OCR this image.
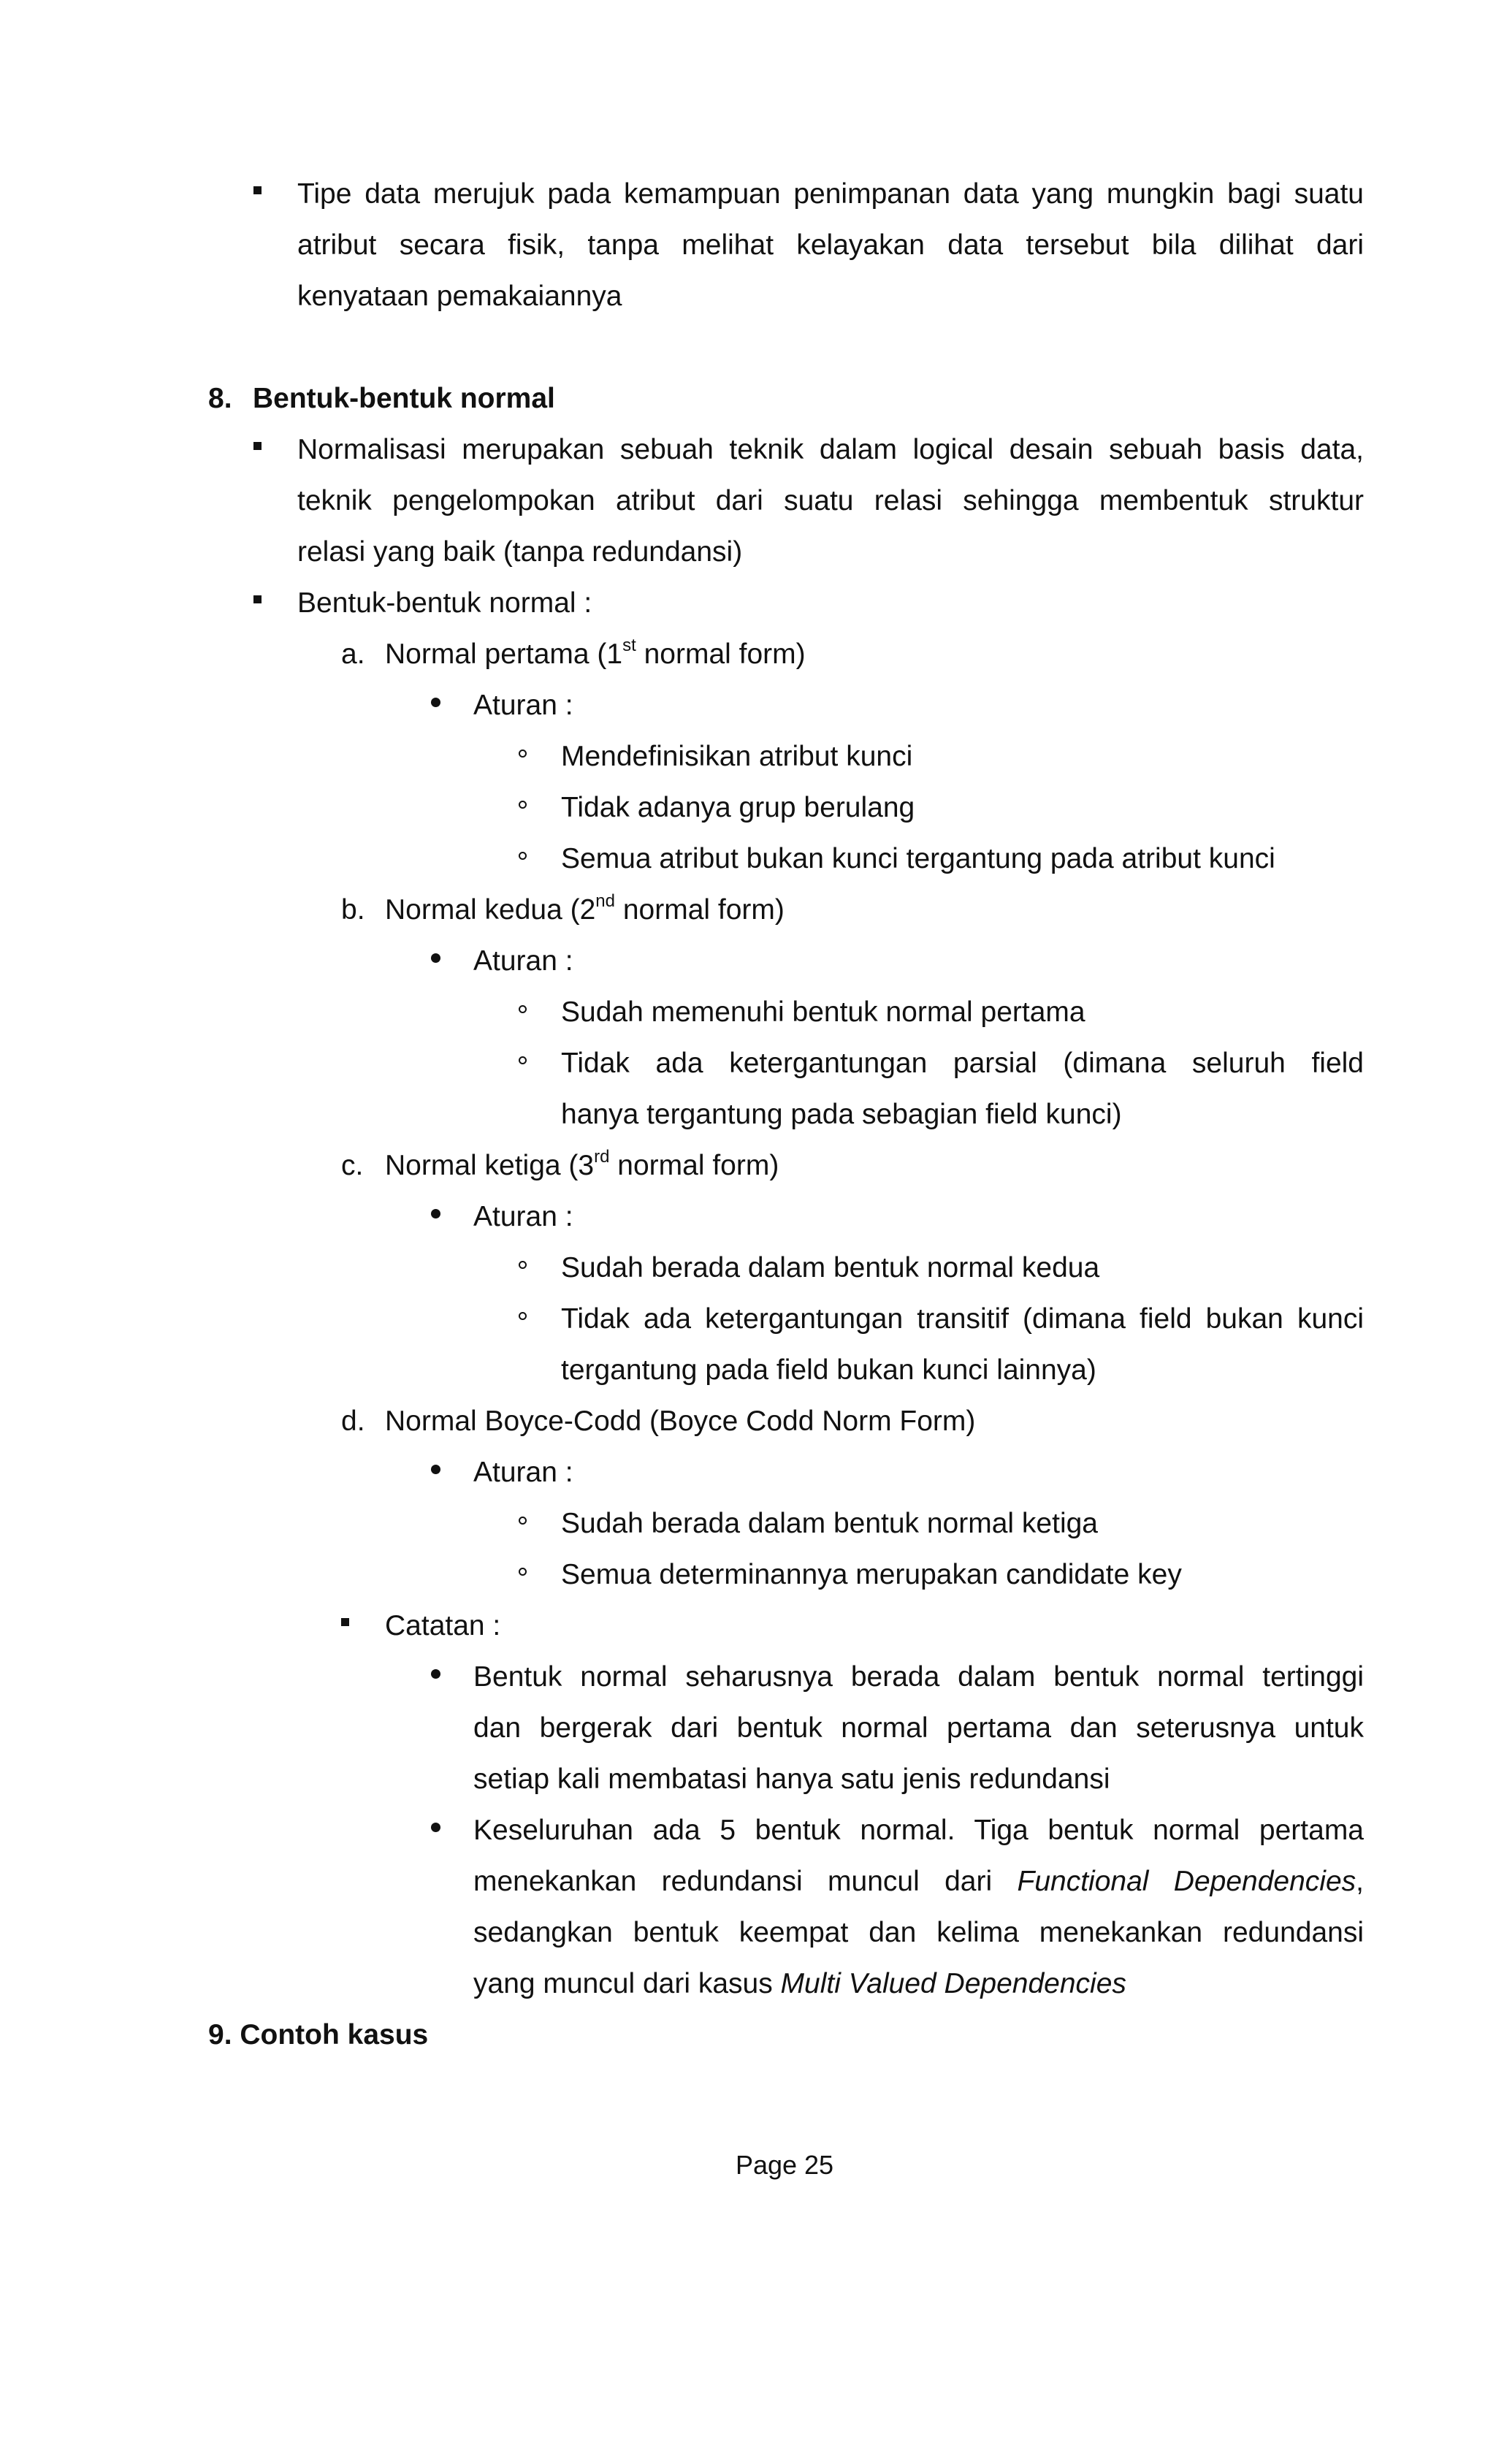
Tipe data merujuk pada kemampuan penimpanan data yang mungkin bagi suatu
atribut secara fisik, tanpa melihat kelayakan data tersebut bila dilihat dari
kenyataan pemakaiannya
8. Bentuk-bentuk normal
Normalisasi merupakan sebuah teknik dalam logical desain sebuah basis data,
teknik pengelompokan atribut dari suatu relasi sehingga membentuk struktur
relasi yang baik (tanpa redundansi)
Bentuk-bentuk normal :
a. Normal pertama (1st normal form)
Aturan :
Mendefinisikan atribut kunci
Tidak adanya grup berulang
Semua atribut bukan kunci tergantung pada atribut kunci
b. Normal kedua (2nd normal form)
Aturan :
Sudah memenuhi bentuk normal pertama
Tidak ada ketergantungan parsial (dimana seluruh field
hanya tergantung pada sebagian field kunci)
c. Normal ketiga (3rd normal form)
Aturan :
Sudah berada dalam bentuk normal kedua
Tidak ada ketergantungan transitif (dimana field bukan kunci
tergantung pada field bukan kunci lainnya)
d. Normal Boyce-Codd (Boyce Codd Norm Form)
Aturan :
Sudah berada dalam bentuk normal ketiga
Semua determinannya merupakan candidate key
Catatan :
Bentuk normal seharusnya berada dalam bentuk normal tertinggi
dan bergerak dari bentuk normal pertama dan seterusnya untuk
setiap kali membatasi hanya satu jenis redundansi
Keseluruhan ada 5 bentuk normal. Tiga bentuk normal pertama
menekankan redundansi muncul dari Functional Dependencies,
sedangkan bentuk keempat dan kelima menekankan redundansi
yang muncul dari kasus Multi Valued Dependencies
9. Contoh kasus
Page 25
